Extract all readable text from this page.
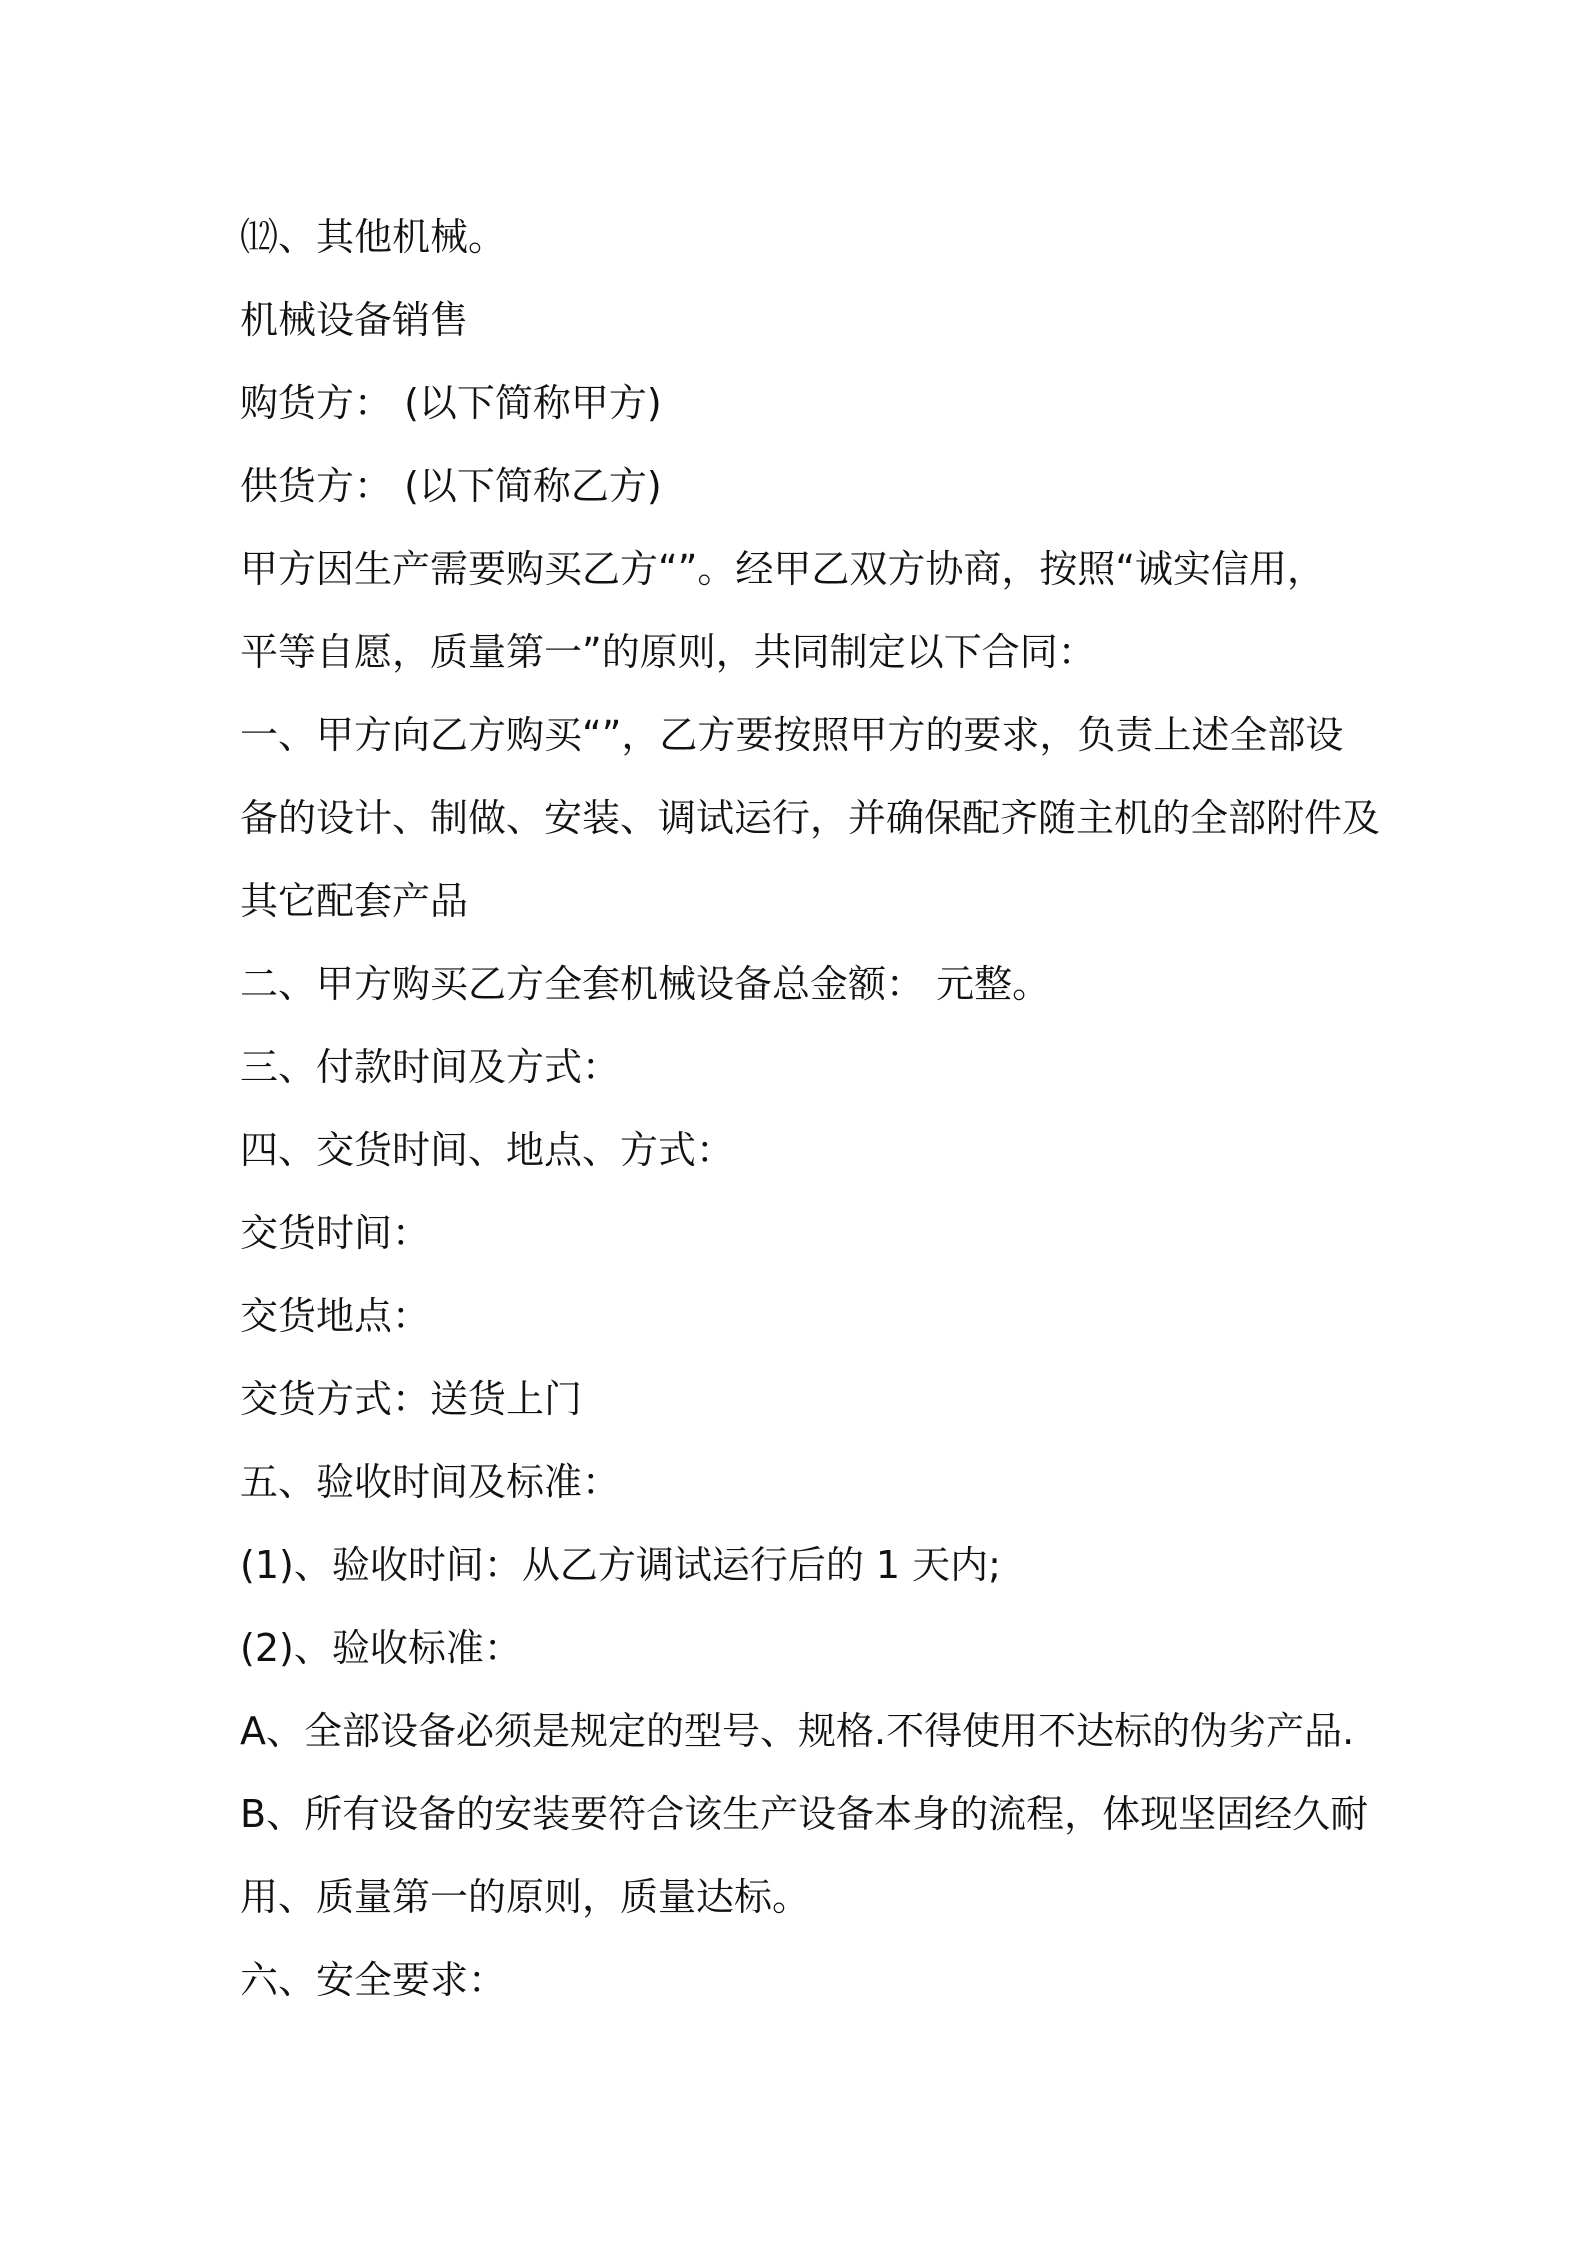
⑿、其他机械。
机械设备销售
购货方： (以下简称甲方)
供货方： (以下简称乙方)
甲方因生产需要购买乙方“”。经甲乙双方协商，按照“诚实信用，
平等自愿，质量第一”的原则，共同制定以下合同：
一、甲方向乙方购买“”，乙方要按照甲方的要求，负责上述全部设
备的设计、制做、安装、调试运行，并确保配齐随主机的全部附件及
其它配套产品
二、甲方购买乙方全套机械设备总金额： 元整。
三、付款时间及方式：
四、交货时间、地点、方式：
交货时间：
交货地点：
交货方式：送货上门
五、验收时间及标准：
(1)、验收时间：从乙方调试运行后的 1 天内;
(2)、验收标准：
A、全部设备必须是规定的型号、规格.不得使用不达标的伪劣产品.
B、所有设备的安装要符合该生产设备本身的流程，体现坚固经久耐
用、质量第一的原则，质量达标。
六、安全要求：
